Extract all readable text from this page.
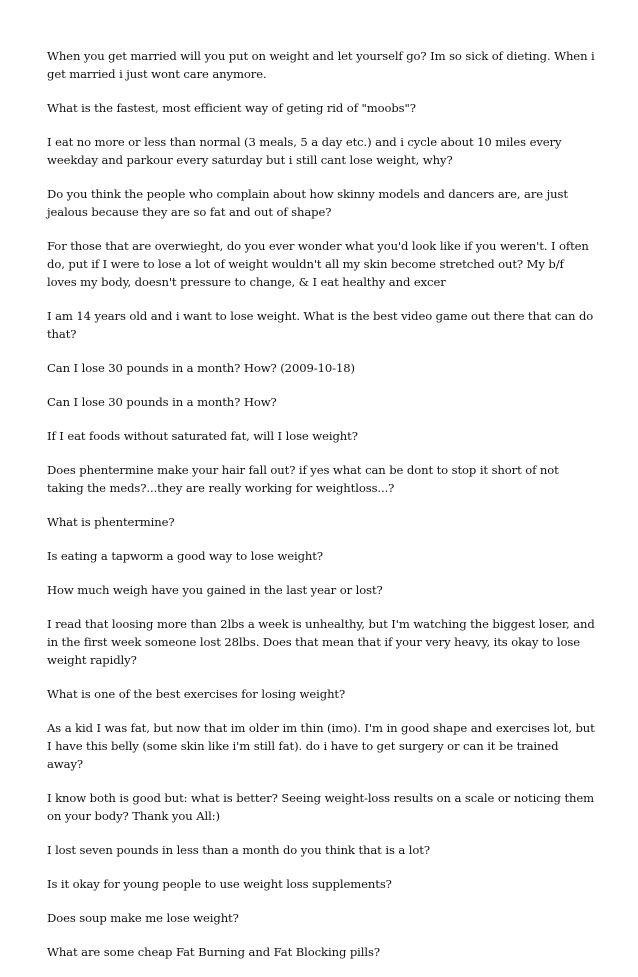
When you get married will you put on weight and let yourself go? Im so sick of dieting. When i get married i just wont care anymore.

What is the fastest, most efficient way of geting rid of "moobs"?

I eat no more or less than normal (3 meals, 5 a day etc.) and i cycle about 10 miles every weekday and parkour every saturday but i still cant lose weight, why?

Do you think the people who complain about how skinny models and dancers are, are just jealous because they are so fat and out of shape?

For those that are overwieght, do you ever wonder what you'd look like if you weren't. I often do, put if I were to lose a lot of weight wouldn't all my skin become stretched out? My b/f loves my body, doesn't pressure to change, & I eat healthy and excer

I am 14 years old and i want to lose weight. What is the best video game out there that can do that?

Can I lose 30 pounds in a month? How? (2009-10-18)

Can I lose 30 pounds in a month? How?

If I eat foods without saturated fat, will I lose weight?

Does phentermine make your hair fall out? if yes what can be dont to stop it short of not taking the meds?...they are really working for weightloss...?

What is phentermine?

Is eating a tapworm a good way to lose weight?

How much weigh have you gained in the last year or lost?

I read that loosing more than 2lbs a week is unhealthy, but I'm watching the biggest loser, and in the first week someone lost 28lbs. Does that mean that if your very heavy, its okay to lose weight rapidly?

What is one of the best exercises for losing weight?

As a kid I was fat, but now that im older im thin (imo). I'm in good shape and exercises lot, but I have this belly (some skin like i'm still fat). do i have to get surgery or can it be trained away?

I know both is good but: what is better? Seeing weight-loss results on a scale or noticing them on your body? Thank you All:)

I lost seven pounds in less than a month do you think that is a lot?

Is it okay for young people to use weight loss supplements?

Does soup make me lose weight?

What are some cheap Fat Burning and Fat Blocking pills?
